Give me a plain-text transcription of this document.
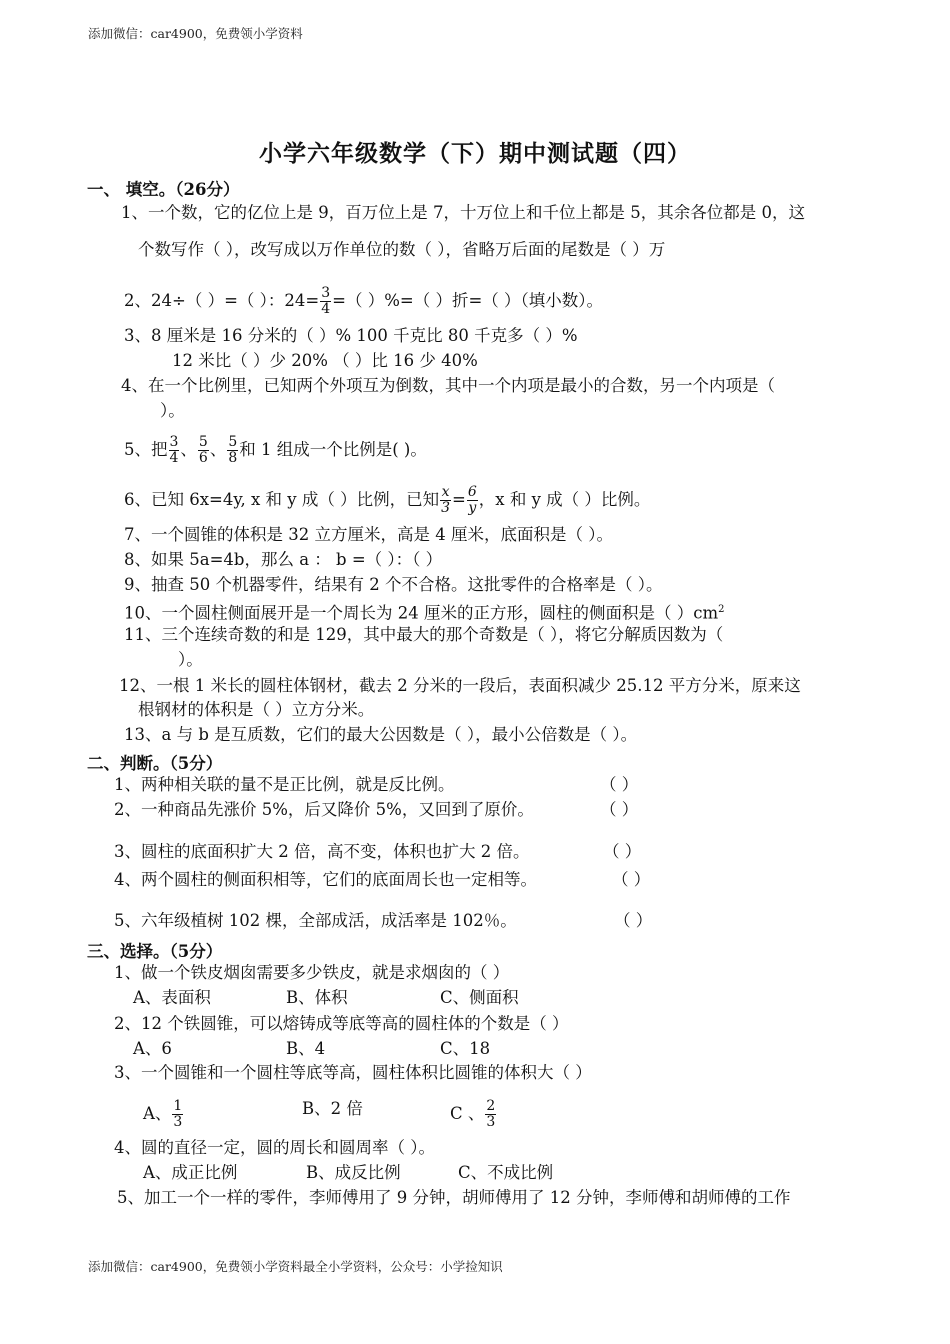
添加微信：car4900，免费领小学资料
小学六年级数学（下）期中测试题（四）
一、 填空。（26分）
1、一个数，它的亿位上是 9，百万位上是 7，十万位上和千位上都是 5，其余各位都是 0，这
个数写作（ ），改写成以万作单位的数（ ），省略万后面的尾数是（ ）万
2、24÷（ ）=（ ）：$24= \frac{3}{4}$ =（ ）%=（ ）折=（ ）（填小数）。
3、8 厘米是 16 分米的（ ）% 100 千克比 80 千克多（ ）%
12 米比（ ）少 20% （ ）比 16 少 40%
4、在一个比例里，已知两个外项互为倒数，其中一个内项是最小的合数，另一个内项是（
）。
5、把 $\frac{3}{4}$ 、 $\frac{5}{6}$ 、 $\frac{5}{8}$ 和 1 组成一个比例是( )。
6、已知 6x=4y, x 和 y 成（ ）比例，已知 $\frac{x}{3} = \frac{6}{y}$ ，x 和 y 成（ ）比例。
7、一个圆锥的体积是 32 立方厘米，高是 4 厘米，底面积是（ ）。
8、如果 5a=4b，那么 a ： b =（ ）：（ ）
9、抽查 50 个机器零件，结果有 2 个不合格。这批零件的合格率是（ ）。
10、一个圆柱侧面展开是一个周长为 24 厘米的正方形，圆柱的侧面积是（ ）$cm^2$
11、三个连续奇数的和是 129，其中最大的那个奇数是（ ），将它分解质因数为（
）。
12、一根 1 米长的圆柱体钢材，截去 2 分米的一段后，表面积减少 25.12 平方分米，原来这
根钢材的体积是（ ）立方分米。
13、a 与 b 是互质数，它们的最大公因数是（ ），最小公倍数是（ ）。
二、判断。（5分）
1、两种相关联的量不是正比例，就是反比例。	（ ）
2、一种商品先涨价 5%，后又降价 5%，又回到了原价。	（ ）
3、圆柱的底面积扩大 2 倍，高不变，体积也扩大 2 倍。	（ ）
4、两个圆柱的侧面积相等，它们的底面周长也一定相等。	（ ）
5、六年级植树 102 棵，全部成活，成活率是 102％。	（ ）
三、选择。（5分）
1、做一个铁皮烟囱需要多少铁皮，就是求烟囱的（ ）
A、表面积	B、体积	C、侧面积
2、12 个铁圆锥，可以熔铸成等底等高的圆柱体的个数是（ ）
A、6	B、4	C、18
3、一个圆锥和一个圆柱等底等高，圆柱体积比圆锥的体积大（ ）
A、 $\frac{1}{3}$	B、2 倍	C 、 $\frac{2}{3}$
4、圆的直径一定，圆的周长和圆周率（ ）。
A、成正比例	B、成反比例	C、不成比例
5、加工一个一样的零件，李师傅用了 9 分钟，胡师傅用了 12 分钟，李师傅和胡师傅的工作
添加微信：car4900，免费领小学资料最全小学资料，公众号：小学捡知识
